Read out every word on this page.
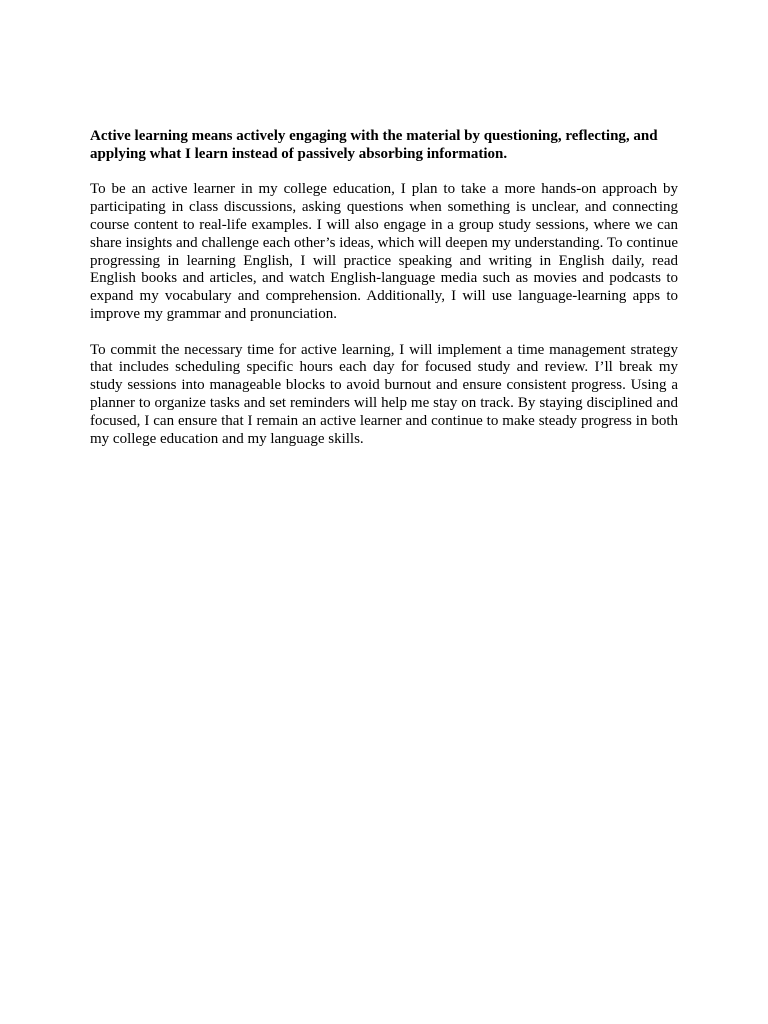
Active learning means actively engaging with the material by questioning, reflecting, and applying what I learn instead of passively absorbing information.

To be an active learner in my college education, I plan to take a more hands-on approach by participating in class discussions, asking questions when something is unclear, and connecting course content to real-life examples. I will also engage in a group study sessions, where we can share insights and challenge each other’s ideas, which will deepen my understanding. To continue progressing in learning English, I will practice speaking and writing in English daily, read English books and articles, and watch English-language media such as movies and podcasts to expand my vocabulary and comprehension. Additionally, I will use language-learning apps to improve my grammar and pronunciation.

To commit the necessary time for active learning, I will implement a time management strategy that includes scheduling specific hours each day for focused study and review. I’ll break my study sessions into manageable blocks to avoid burnout and ensure consistent progress. Using a planner to organize tasks and set reminders will help me stay on track. By staying disciplined and focused, I can ensure that I remain an active learner and continue to make steady progress in both my college education and my language skills.
